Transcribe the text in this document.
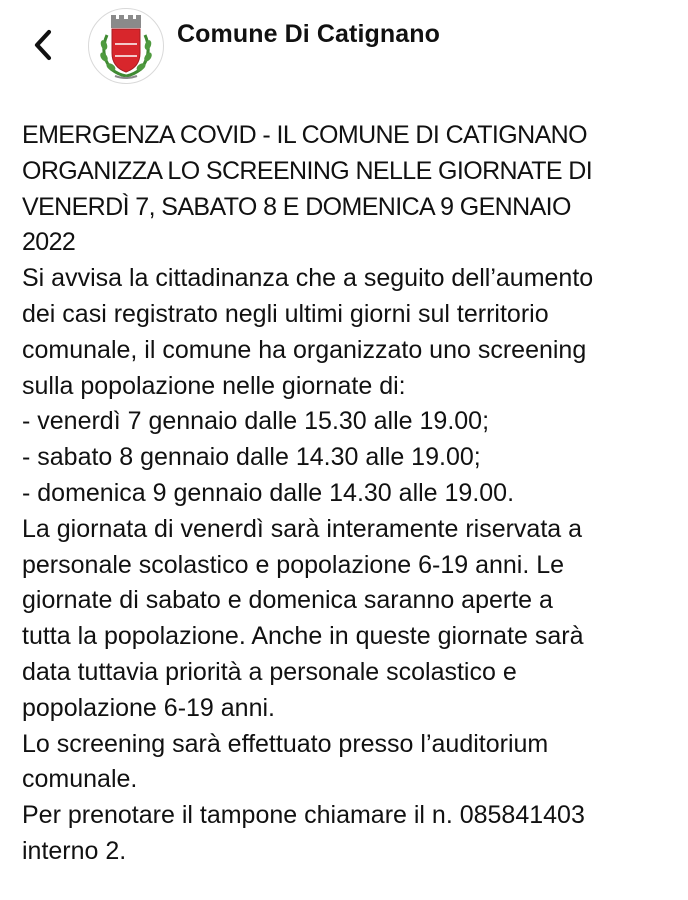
Comune Di Catignano

EMERGENZA COVID - IL COMUNE DI CATIGNANO

ORGANIZZA LO SCREENING NELLE GIORNATE DI

VENERDÌ 7, SABATO 8 E DOMENICA 9 GENNAIO

2022

Si avvisa la cittadinanza che a seguito dell’aumento

dei casi registrato negli ultimi giorni sul territorio

comunale, il comune ha organizzato uno screening

sulla popolazione nelle giornate di:

- venerdì 7 gennaio dalle 15.30 alle 19.00;

- sabato 8 gennaio dalle 14.30 alle 19.00;

- domenica 9 gennaio dalle 14.30 alle 19.00.

La giornata di venerdì sarà interamente riservata a

personale scolastico e popolazione 6-19 anni. Le

giornate di sabato e domenica saranno aperte a

tutta la popolazione. Anche in queste giornate sarà

data tuttavia priorità a personale scolastico e

popolazione 6-19 anni.

Lo screening sarà effettuato presso l’auditorium

comunale.

Per prenotare il tampone chiamare il n. 085841403

interno 2.
